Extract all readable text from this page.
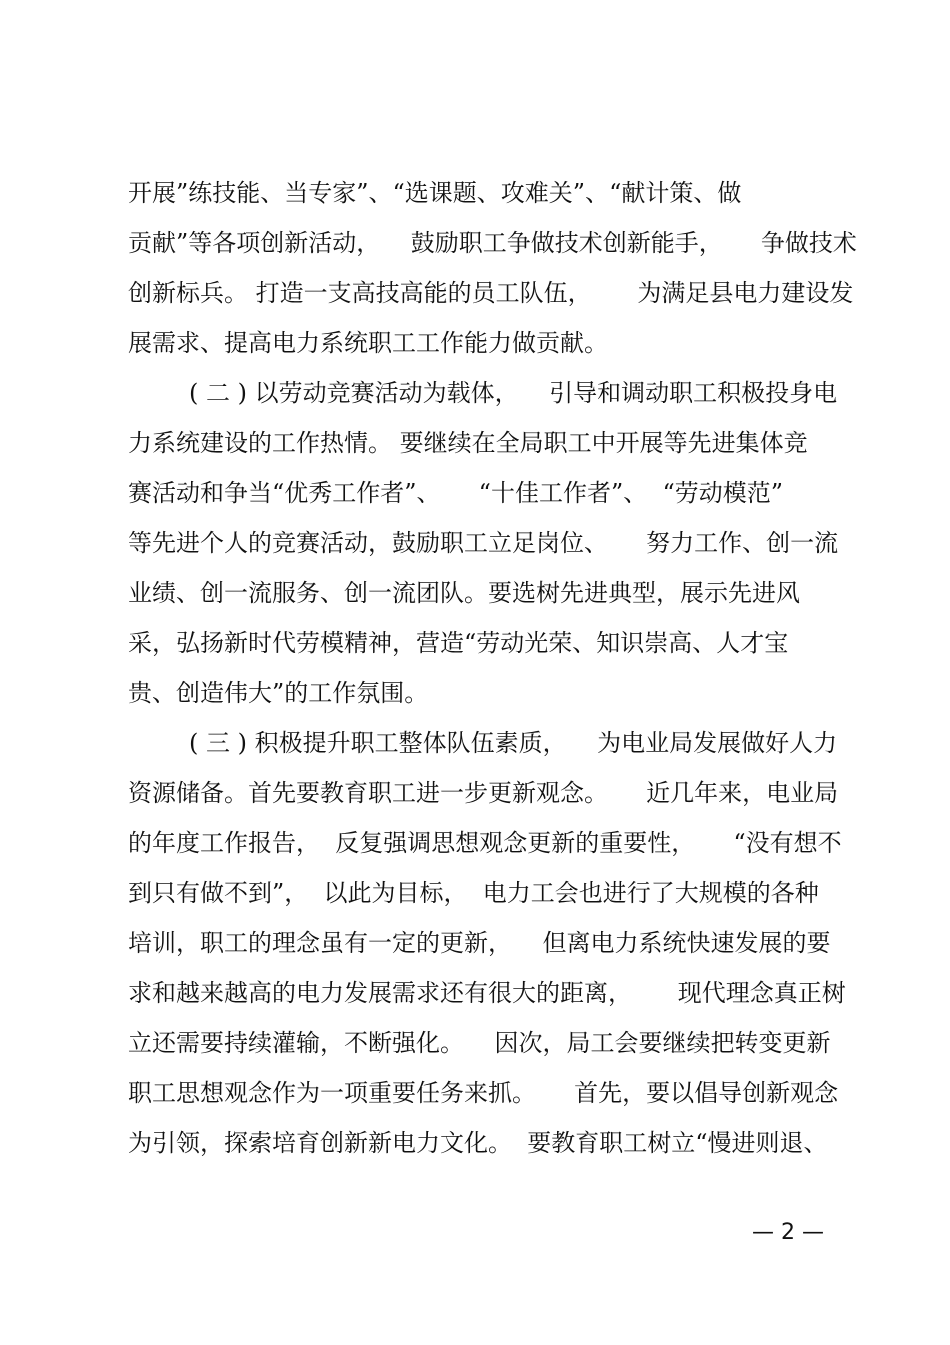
开展”练技能、当专家”、“选课题、攻难关”、“献计策、做
贡献”等各项创新活动，    鼓励职工争做技术创新能手，     争做技术
创新标兵。 打造一支高技高能的员工队伍，      为满足县电力建设发
展需求、提高电力系统职工工作能力做贡献。
( 二 ) 以劳动竞赛活动为载体，    引导和调动职工积极投身电
力系统建设的工作热情。 要继续在全局职工中开展等先进集体竞
赛活动和争当“优秀工作者”、     “十佳工作者”、  “劳动模范”
等先进个人的竞赛活动，鼓励职工立足岗位、     努力工作、创一流
业绩、创一流服务、创一流团队。要选树先进典型，展示先进风
采，弘扬新时代劳模精神，营造“劳动光荣、知识崇高、人才宝
贵、创造伟大”的工作氛围。
( 三 ) 积极提升职工整体队伍素质，    为电业局发展做好人力
资源储备。首先要教育职工进一步更新观念。     近几年来，电业局
的年度工作报告，  反复强调思想观念更新的重要性，     “没有想不
到只有做不到”，  以此为目标，  电力工会也进行了大规模的各种
培训，职工的理念虽有一定的更新，    但离电力系统快速发展的要
求和越来越高的电力发展需求还有很大的距离，      现代理念真正树
立还需要持续灌输，不断强化。    因次，局工会要继续把转变更新
职工思想观念作为一项重要任务来抓。     首先，要以倡导创新观念
为引领，探索培育创新新电力文化。  要教育职工树立“慢进则退、
— 2 —
